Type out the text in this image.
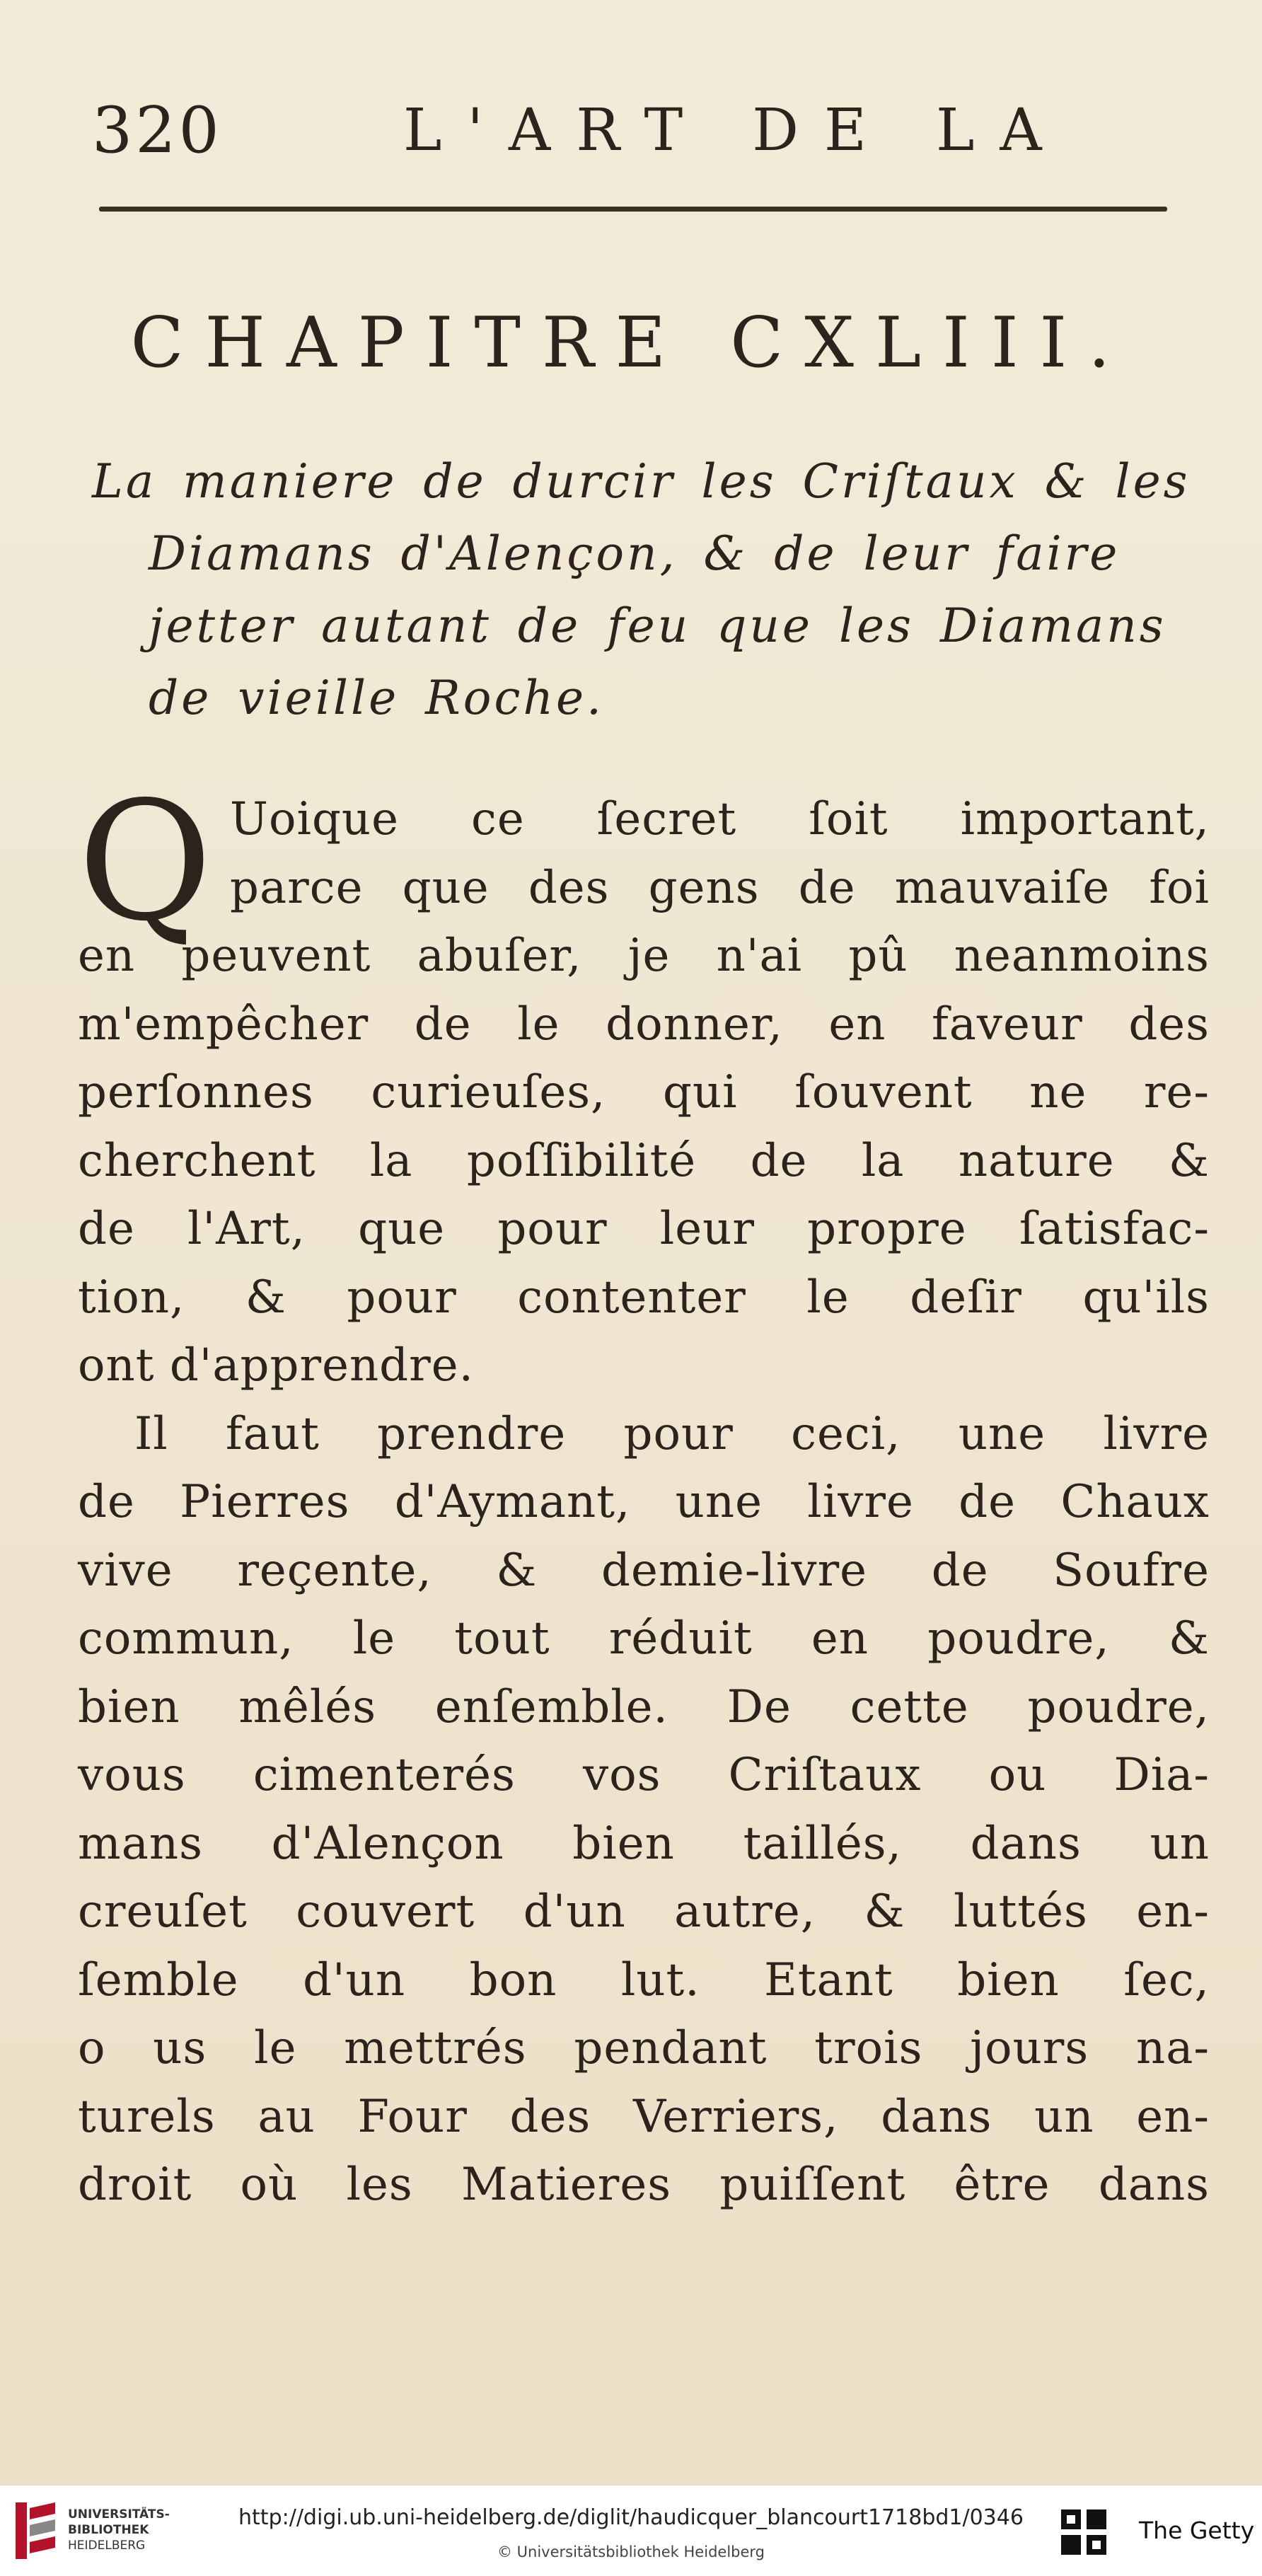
320	L'ART DE LA
CHAPITRE CXLIII.
La maniere de durcir les Criſtaux & les
Diamans d'Alençon, & de leur faire
jetter autant de feu que les Diamans
de vieille Roche.
Q Uoique ce ſecret ſoit important,
parce que des gens de mauvaiſe foi
en peuvent abuſer, je n'ai pû neanmoins
m'empêcher de le donner, en faveur des
perſonnes curieuſes, qui ſouvent ne re-
cherchent la poſſibilité de la nature &
de l'Art, que pour leur propre ſatisfac-
tion, & pour contenter le deſir qu'ils
ont d'apprendre.
Il faut prendre pour ceci, une livre
de Pierres d'Aymant, une livre de Chaux
vive reçente, & demie-livre de Soufre
commun, le tout réduit en poudre, &
bien mêlés enſemble. De cette poudre,
vous cimenterés vos Criſtaux ou Dia-
mans d'Alençon bien taillés, dans un
creuſet couvert d'un autre, & luttés en-
ſemble d'un bon lut. Etant bien ſec,
o us le mettrés pendant trois jours na-
turels au Four des Verriers, dans un en-
droit où les Matieres puiſſent être dans
UNIVERSITÄTS-
BIBLIOTHEK
HEIDELBERG
http://digi.ub.uni-heidelberg.de/diglit/haudicquer_blancourt1718bd1/0346
© Universitätsbibliothek Heidelberg
The Getty
